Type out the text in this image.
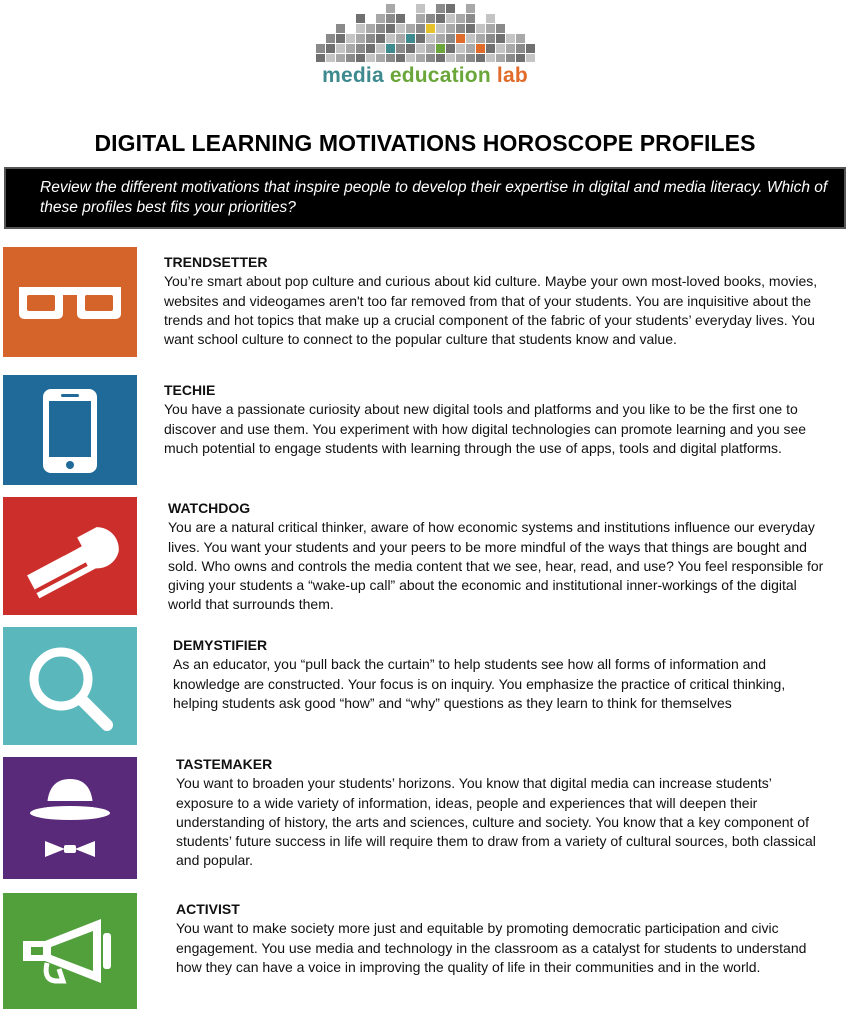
media education lab
DIGITAL LEARNING MOTIVATIONS HOROSCOPE PROFILES
Review the different motivations that inspire people to develop their expertise in digital and media literacy. Which of these profiles best fits your priorities?
TRENDSETTER
You’re smart about pop culture and curious about kid culture. Maybe your own most-loved books, movies, websites and videogames aren't too far removed from that of your students. You are inquisitive about the trends and hot topics that make up a crucial component of the fabric of your students’ everyday lives. You want school culture to connect to the popular culture that students know and value.
TECHIE
You have a passionate curiosity about new digital tools and platforms and you like to be the first one to discover and use them. You experiment with how digital technologies can promote learning and you see much potential to engage students with learning through the use of apps, tools and digital platforms.
WATCHDOG
You are a natural critical thinker, aware of how economic systems and institutions influence our everyday lives. You want your students and your peers to be more mindful of the ways that things are bought and sold. Who owns and controls the media content that we see, hear, read, and use? You feel responsible for giving your students a “wake-up call” about the economic and institutional inner-workings of the digital world that surrounds them.
DEMYSTIFIER
As an educator, you “pull back the curtain” to help students see how all forms of information and knowledge are constructed. Your focus is on inquiry. You emphasize the practice of critical thinking, helping students ask good “how” and “why” questions as they learn to think for themselves
TASTEMAKER
You want to broaden your students’ horizons. You know that digital media can increase students’ exposure to a wide variety of information, ideas, people and experiences that will deepen their understanding of history, the arts and sciences, culture and society. You know that a key component of students’ future success in life will require them to draw from a variety of cultural sources, both classical and popular.
ACTIVIST
You want to make society more just and equitable by promoting democratic participation and civic engagement. You use media and technology in the classroom as a catalyst for students to understand how they can have a voice in improving the quality of life in their communities and in the world.
